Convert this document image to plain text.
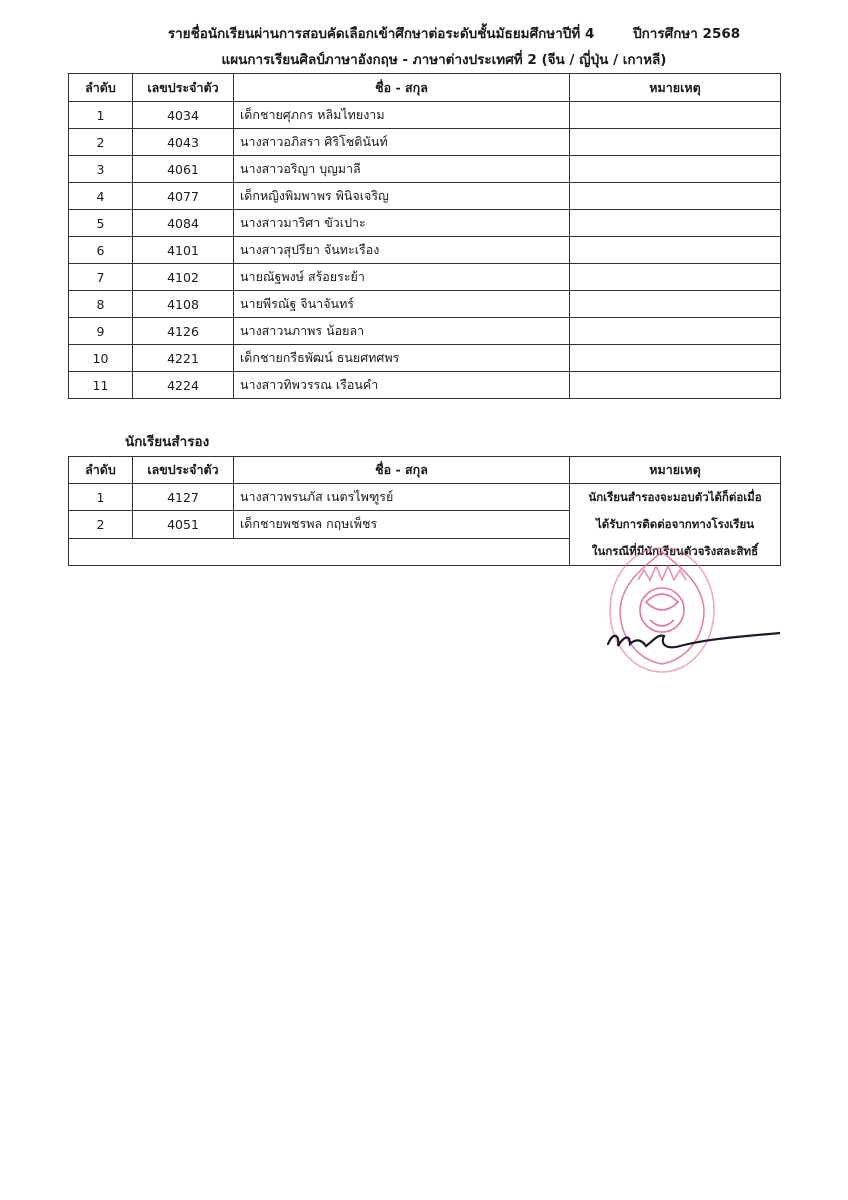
รายชื่อนักเรียนผ่านการสอบคัดเลือกเข้าศึกษาต่อระดับชั้นมัธยมศึกษาปีที่ 4	ปีการศึกษา 2568
แผนการเรียนศิลป์ภาษาอังกฤษ - ภาษาต่างประเทศที่ 2 (จีน / ญี่ปุ่น / เกาหลี)
ลำดับ	เลขประจำตัว	ชื่อ - สกุล	หมายเหตุ
1	4034	เด็กชายศุภกร หลิมไทยงาม	
2	4043	นางสาวอภิสรา ศิริโชตินันท์	
3	4061	นางสาวอริญา บุญมาลี	
4	4077	เด็กหญิงพิมพาพร พินิจเจริญ	
5	4084	นางสาวมาริศา ขัวเปาะ	
6	4101	นางสาวสุปรียา จันทะเรือง	
7	4102	นายณัฐพงษ์ สร้อยระย้า	
8	4108	นายพีรณัฐ จินาจันทร์	
9	4126	นางสาวนภาพร น้อยลา	
10	4221	เด็กชายกรีธพัฒน์ ธนยศทศพร	
11	4224	นางสาวทิพวรรณ เรือนคำ	
นักเรียนสำรอง
ลำดับ	เลขประจำตัว	ชื่อ - สกุล	หมายเหตุ
1	4127	นางสาวพรนภัส เนตรไพฑูรย์	นักเรียนสำรองจะมอบตัวได้ก็ต่อเมื่อ
ได้รับการติดต่อจากทางโรงเรียน
ในกรณีที่มีนักเรียนตัวจริงสละสิทธิ์

2	4051	เด็กชายพชรพล กฤษเพ็ชร	
